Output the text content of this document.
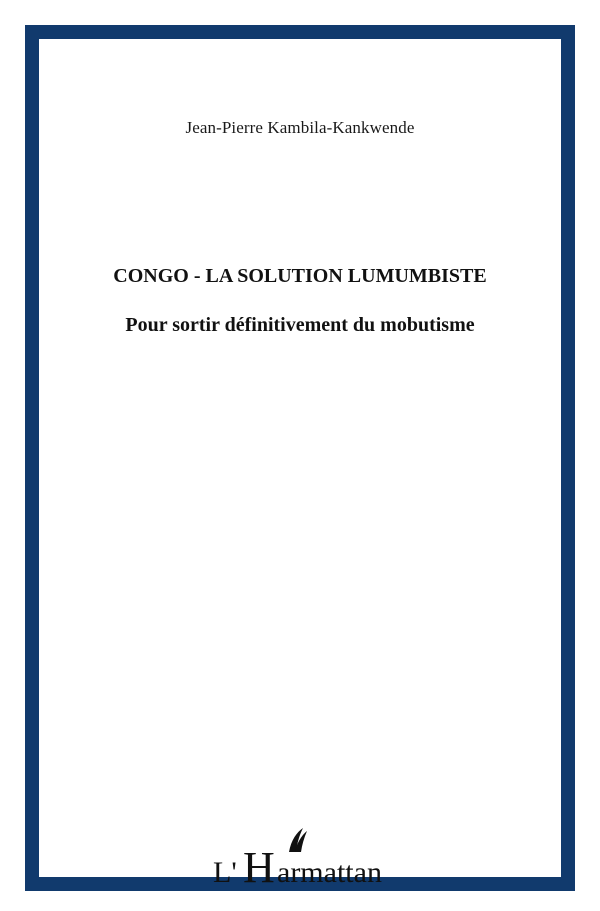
Jean-Pierre Kambila-Kankwende
CONGO - LA SOLUTION LUMUMBISTE
Pour sortir définitivement du mobutisme
L' H armattan
